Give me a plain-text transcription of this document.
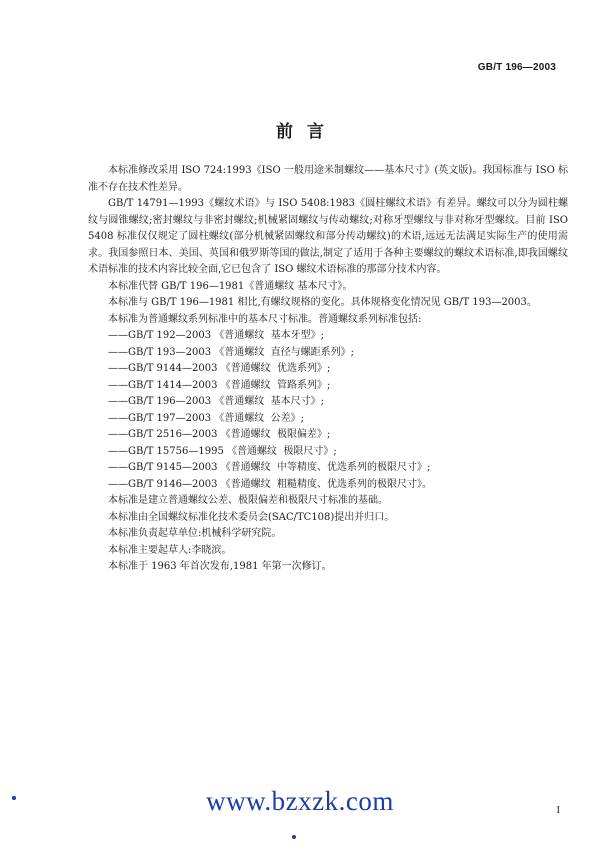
GB/T 196—2003
前言

本标准修改采用 ISO 724:1993《ISO 一般用途米制螺纹——基本尺寸》(英文版)。我国标准与 ISO 标准不存在技术性差异。

GB/T 14791—1993《螺纹术语》与 ISO 5408:1983《圆柱螺纹术语》有差异。螺纹可以分为圆柱螺纹与圆锥螺纹;密封螺纹与非密封螺纹;机械紧固螺纹与传动螺纹;对称牙型螺纹与非对称牙型螺纹。目前 ISO 5408 标准仅仅规定了圆柱螺纹(部分机械紧固螺纹和部分传动螺纹)的术语,远远无法满足实际生产的使用需求。我国参照日本、美国、英国和俄罗斯等国的做法,制定了适用于各种主要螺纹的螺纹术语标准,即我国螺纹术语标准的技术内容比较全面,它已包含了 ISO 螺纹术语标准的那部分技术内容。

本标准代替 GB/T 196—1981《普通螺纹 基本尺寸》。

本标准与 GB/T 196—1981 相比,有螺纹规格的变化。具体规格变化情况见 GB/T 193—2003。

本标准为普通螺纹系列标准中的基本尺寸标准。普通螺纹系列标准包括:

——GB/T 192—2003 《普通螺纹  基本牙型》;
——GB/T 193—2003 《普通螺纹  直径与螺距系列》;
——GB/T 9144—2003 《普通螺纹  优选系列》;
——GB/T 1414—2003 《普通螺纹  管路系列》;
——GB/T 196—2003 《普通螺纹  基本尺寸》;
——GB/T 197—2003 《普通螺纹  公差》;
——GB/T 2516—2003 《普通螺纹  极限偏差》;
——GB/T 15756—1995 《普通螺纹  极限尺寸》;
——GB/T 9145—2003 《普通螺纹  中等精度、优选系列的极限尺寸》;
——GB/T 9146—2003 《普通螺纹  粗糙精度、优选系列的极限尺寸》。

本标准是建立普通螺纹公差、极限偏差和极限尺寸标准的基础。

本标准由全国螺纹标准化技术委员会(SAC/TC108)提出并归口。

本标准负责起草单位:机械科学研究院。

本标准主要起草人:李晓滨。

本标准于 1963 年首次发布,1981 年第一次修订。

www.bzxzk.com	I
